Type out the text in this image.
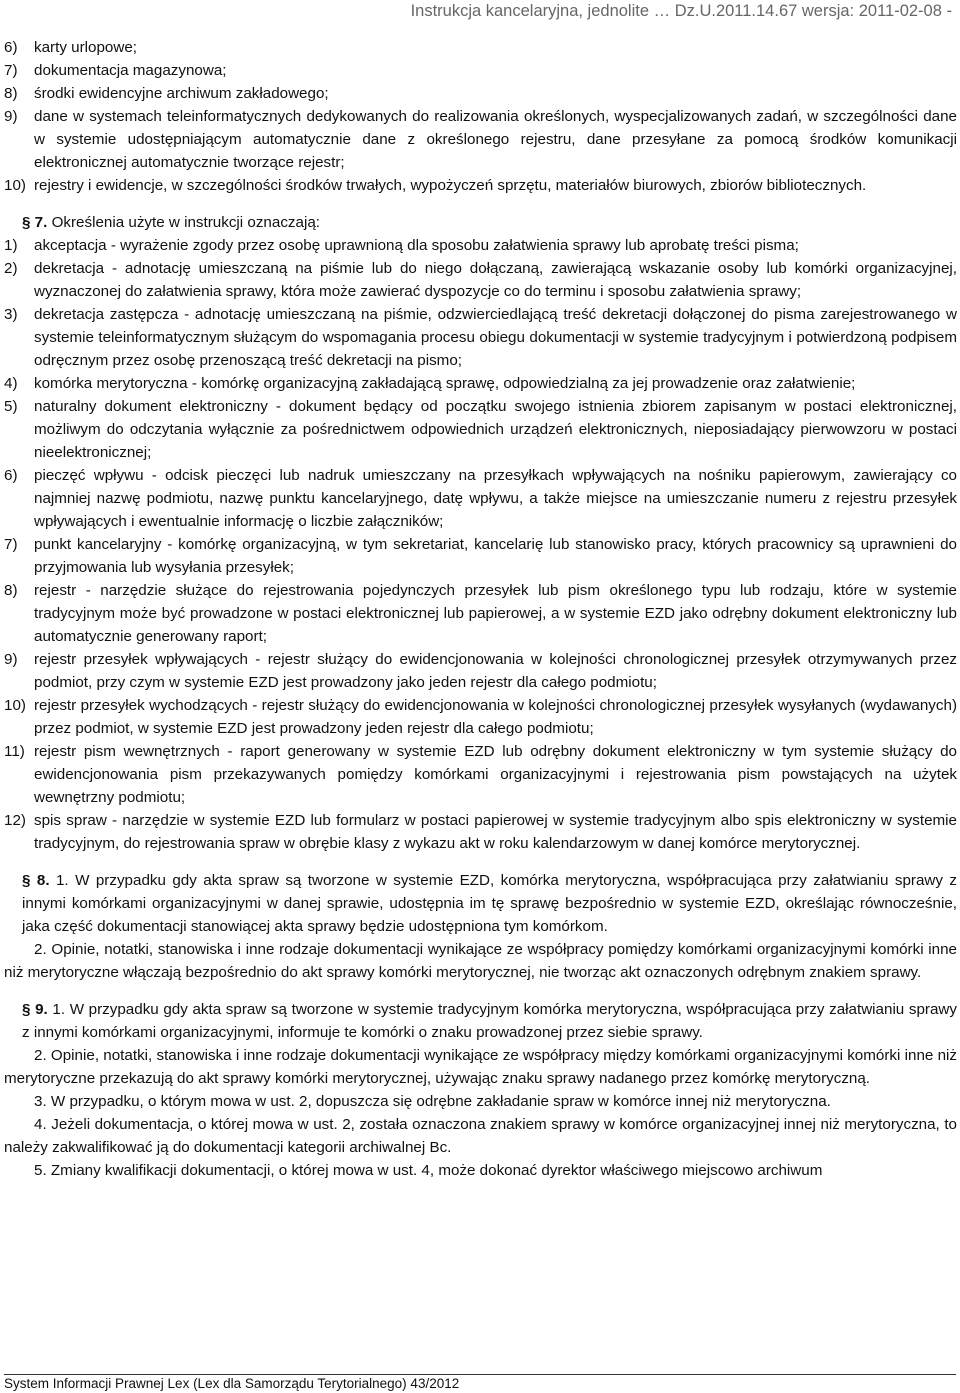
Instrukcja kancelaryjna, jednolite … Dz.U.2011.14.67 wersja: 2011-02-08 -
6)	karty urlopowe;
7)	dokumentacja magazynowa;
8)	środki ewidencyjne archiwum zakładowego;
9)	dane w systemach teleinformatycznych dedykowanych do realizowania określonych, wyspecjalizowanych zadań, w szczególności dane w systemie udostępniającym automatycznie dane z określonego rejestru, dane przesyłane za pomocą środków komunikacji elektronicznej automatycznie tworzące rejestr;
10) rejestry i ewidencje, w szczególności środków trwałych, wypożyczeń sprzętu, materiałów biurowych, zbiorów bibliotecznych.

§ 7. Określenia użyte w instrukcji oznaczają:

1)	akceptacja - wyrażenie zgody przez osobę uprawnioną dla sposobu załatwienia sprawy lub aprobatę treści pisma;
2)	dekretacja - adnotację umieszczaną na piśmie lub do niego dołączaną, zawierającą wskazanie osoby lub komórki organizacyjnej, wyznaczonej do załatwienia sprawy, która może zawierać dyspozycje co do terminu i sposobu załatwienia sprawy;
3)	dekretacja zastępcza - adnotację umieszczaną na piśmie, odzwierciedlającą treść dekretacji dołączonej do pisma zarejestrowanego w systemie teleinformatycznym służącym do wspomagania procesu obiegu dokumentacji w systemie tradycyjnym i potwierdzoną podpisem odręcznym przez osobę przenoszącą treść dekretacji na pismo;
4)	komórka merytoryczna - komórkę organizacyjną zakładającą sprawę, odpowiedzialną za jej prowadzenie oraz załatwienie;
5)	naturalny dokument elektroniczny - dokument będący od początku swojego istnienia zbiorem zapisanym w postaci elektronicznej, możliwym do odczytania wyłącznie za pośrednictwem odpowiednich urządzeń elektronicznych, nieposiadający pierwowzoru w postaci nieelektronicznej;
6)	pieczęć wpływu - odcisk pieczęci lub nadruk umieszczany na przesyłkach wpływających na nośniku papierowym, zawierający co najmniej nazwę podmiotu, nazwę punktu kancelaryjnego, datę wpływu, a także miejsce na umieszczanie numeru z rejestru przesyłek wpływających i ewentualnie informację o liczbie załączników;
7)	punkt kancelaryjny - komórkę organizacyjną, w tym sekretariat, kancelarię lub stanowisko pracy, których pracownicy są uprawnieni do przyjmowania lub wysyłania przesyłek;
8)	rejestr - narzędzie służące do rejestrowania pojedynczych przesyłek lub pism określonego typu lub rodzaju, które w systemie tradycyjnym może być prowadzone w postaci elektronicznej lub papierowej, a w systemie EZD jako odrębny dokument elektroniczny lub automatycznie generowany raport;
9)	rejestr przesyłek wpływających - rejestr służący do ewidencjonowania w kolejności chronologicznej przesyłek otrzymywanych przez podmiot, przy czym w systemie EZD jest prowadzony jako jeden rejestr dla całego podmiotu;
10) rejestr przesyłek wychodzących - rejestr służący do ewidencjonowania w kolejności chronologicznej przesyłek wysyłanych (wydawanych) przez podmiot, w systemie EZD jest prowadzony jeden rejestr dla całego podmiotu;
11) rejestr pism wewnętrznych - raport generowany w systemie EZD lub odrębny dokument elektroniczny w tym systemie służący do ewidencjonowania pism przekazywanych pomiędzy komórkami organizacyjnymi i rejestrowania pism powstających na użytek wewnętrzny podmiotu;
12) spis spraw - narzędzie w systemie EZD lub formularz w postaci papierowej w systemie tradycyjnym albo spis elektroniczny w systemie tradycyjnym, do rejestrowania spraw w obrębie klasy z wykazu akt w roku kalendarzowym w danej komórce merytorycznej.

§ 8. 1. W przypadku gdy akta spraw są tworzone w systemie EZD, komórka merytoryczna, współpracująca przy załatwianiu sprawy z innymi komórkami organizacyjnymi w danej sprawie, udostępnia im tę sprawę bezpośrednio w systemie EZD, określając równocześnie, jaka część dokumentacji stanowiącej akta sprawy będzie udostępniona tym komórkom.

2. Opinie, notatki, stanowiska i inne rodzaje dokumentacji wynikające ze współpracy pomiędzy komórkami organizacyjnymi komórki inne niż merytoryczne włączają bezpośrednio do akt sprawy komórki merytorycznej, nie tworząc akt oznaczonych odrębnym znakiem sprawy.

§ 9. 1. W przypadku gdy akta spraw są tworzone w systemie tradycyjnym komórka merytoryczna, współpracująca przy załatwianiu sprawy z innymi komórkami organizacyjnymi, informuje te komórki o znaku prowadzonej przez siebie sprawy.

2. Opinie, notatki, stanowiska i inne rodzaje dokumentacji wynikające ze współpracy między komórkami organizacyjnymi komórki inne niż merytoryczne przekazują do akt sprawy komórki merytorycznej, używając znaku sprawy nadanego przez komórkę merytoryczną.

3. W przypadku, o którym mowa w ust. 2, dopuszcza się odrębne zakładanie spraw w komórce innej niż merytoryczna.

4. Jeżeli dokumentacja, o której mowa w ust. 2, została oznaczona znakiem sprawy w komórce organizacyjnej innej niż merytoryczna, to należy zakwalifikować ją do dokumentacji kategorii archiwalnej Bc.

5. Zmiany kwalifikacji dokumentacji, o której mowa w ust. 4, może dokonać dyrektor właściwego miejscowo archiwum

System Informacji Prawnej Lex (Lex dla Samorządu Terytorialnego) 43/2012
